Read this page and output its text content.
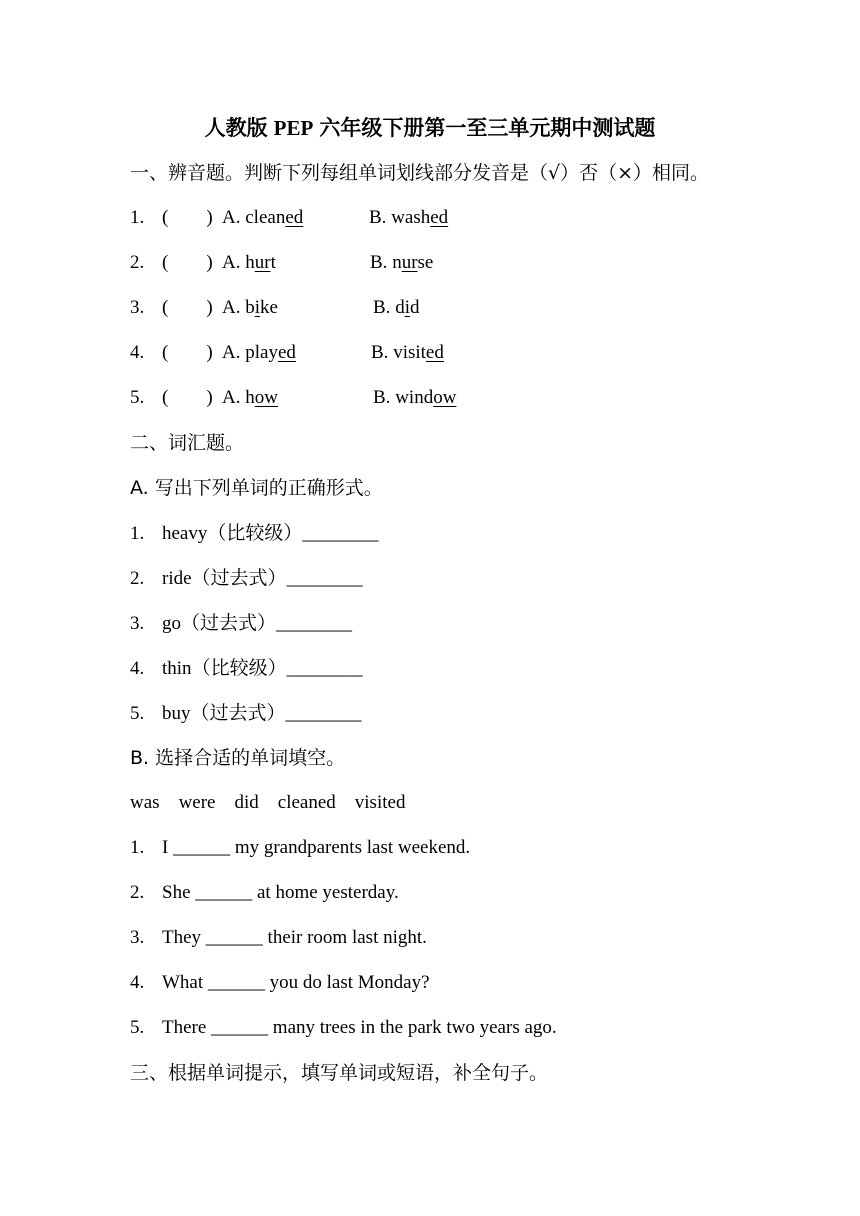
人教版 PEP 六年级下册第一至三单元期中测试题
一、辨音题。判断下列每组单词划线部分发音是（√）否（×）相同。
1. (　　) A. cleaned	B. washed
2. (　　) A. hurt	B. nurse
3. (　　) A. bike	B. did
4. (　　) A. played	B. visited
5. (　　) A. how	B. window
二、词汇题。
A. 写出下列单词的正确形式。
1. heavy（比较级）________
2. ride（过去式）________
3. go（过去式）________
4. thin（比较级）________
5. buy（过去式）________
B. 选择合适的单词填空。
was were did cleaned visited
1. I ______ my grandparents last weekend.
2. She ______ at home yesterday.
3. They ______ their room last night.
4. What ______ you do last Monday?
5. There ______ many trees in the park two years ago.
三、根据单词提示，填写单词或短语，补全句子。
